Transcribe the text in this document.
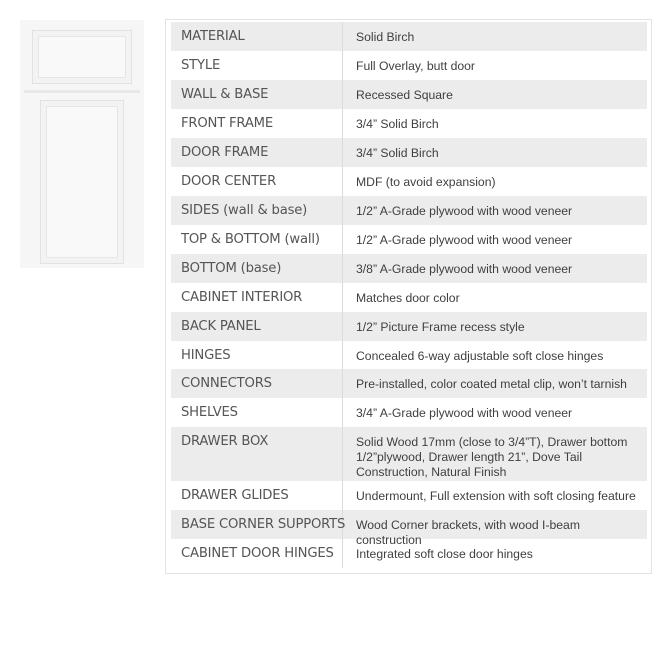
MATERIAL	Solid Birch
STYLE	Full Overlay, butt door
WALL & BASE	Recessed Square
FRONT FRAME	3/4” Solid Birch
DOOR FRAME	3/4” Solid Birch
DOOR CENTER	MDF (to avoid expansion)
SIDES (wall & base)	1/2” A-Grade plywood with wood veneer
TOP & BOTTOM (wall)	1/2” A-Grade plywood with wood veneer
BOTTOM (base)	3/8” A-Grade plywood with wood veneer
CABINET INTERIOR	Matches door color
BACK PANEL	1/2” Picture Frame recess style
HINGES	Concealed 6-way adjustable soft close hinges
CONNECTORS	Pre-installed, color coated metal clip, won’t tarnish
SHELVES	3/4” A-Grade plywood with wood veneer
DRAWER BOX	Solid Wood 17mm (close to 3/4”T), Drawer bottom 1/2”plywood, Drawer length 21”, Dove Tail Construction, Natural Finish
DRAWER GLIDES	Undermount, Full extension with soft closing feature
BASE CORNER SUPPORTS Wood Corner brackets, with wood I-beam construction
CABINET DOOR HINGES	Integrated soft close door hinges
